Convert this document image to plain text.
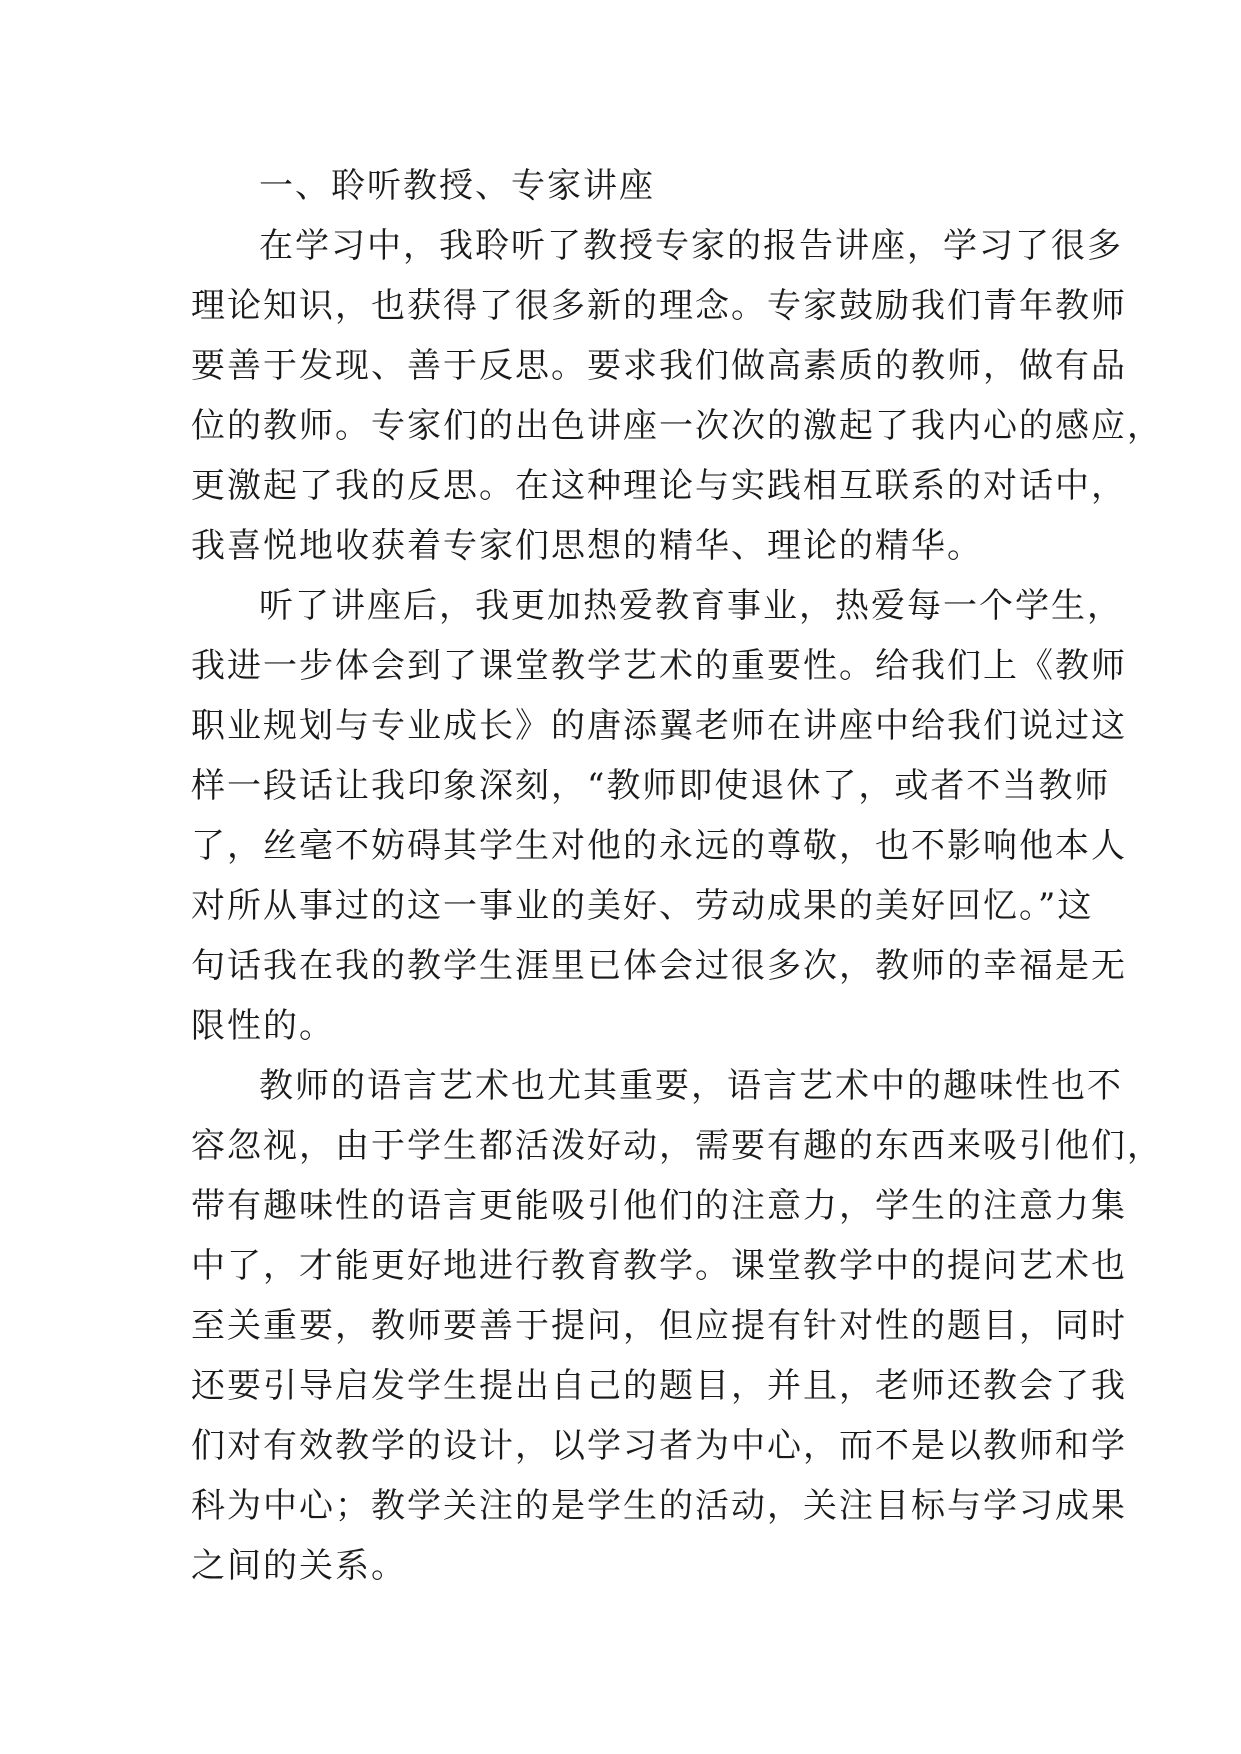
一、聆听教授、专家讲座
在学习中，我聆听了教授专家的报告讲座，学习了很多
理论知识，也获得了很多新的理念。专家鼓励我们青年教师
要善于发现、善于反思。要求我们做高素质的教师，做有品
位的教师。专家们的出色讲座一次次的激起了我内心的感应，
更激起了我的反思。在这种理论与实践相互联系的对话中，
我喜悦地收获着专家们思想的精华、理论的精华。
听了讲座后，我更加热爱教育事业，热爱每一个学生，
我进一步体会到了课堂教学艺术的重要性。给我们上《教师
职业规划与专业成长》的唐添翼老师在讲座中给我们说过这
样一段话让我印象深刻，“教师即使退休了，或者不当教师
了，丝毫不妨碍其学生对他的永远的尊敬，也不影响他本人
对所从事过的这一事业的美好、劳动成果的美好回忆。”这
句话我在我的教学生涯里已体会过很多次，教师的幸福是无
限性的。
教师的语言艺术也尤其重要，语言艺术中的趣味性也不
容忽视，由于学生都活泼好动，需要有趣的东西来吸引他们，
带有趣味性的语言更能吸引他们的注意力，学生的注意力集
中了，才能更好地进行教育教学。课堂教学中的提问艺术也
至关重要，教师要善于提问，但应提有针对性的题目，同时
还要引导启发学生提出自己的题目，并且，老师还教会了我
们对有效教学的设计，以学习者为中心，而不是以教师和学
科为中心；教学关注的是学生的活动，关注目标与学习成果
之间的关系。
